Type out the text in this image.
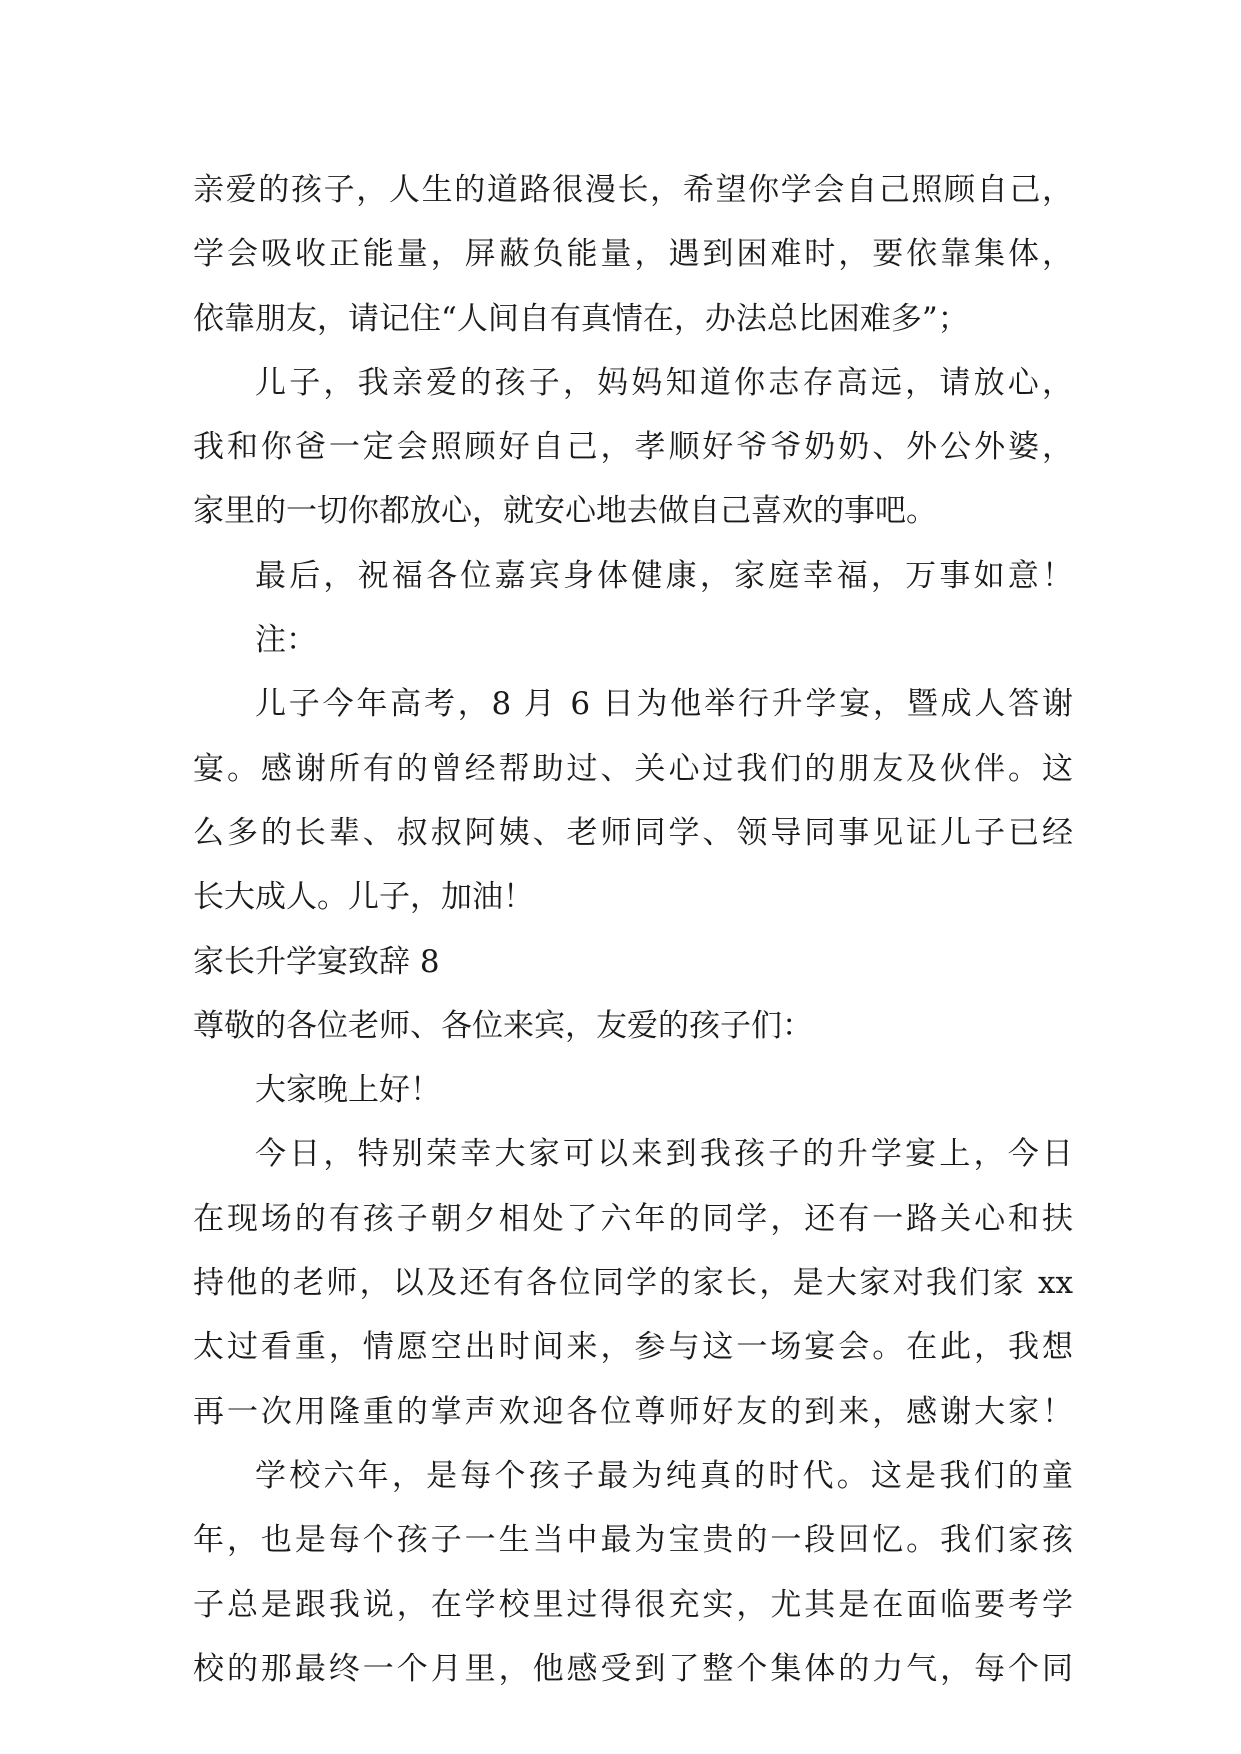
亲爱的孩子，人生的道路很漫长，希望你学会自己照顾自己，
学会吸收正能量，屏蔽负能量，遇到困难时，要依靠集体，
依靠朋友，请记住“人间自有真情在，办法总比困难多”；
儿子，我亲爱的孩子，妈妈知道你志存高远，请放心，
我和你爸一定会照顾好自己，孝顺好爷爷奶奶、外公外婆，
家里的一切你都放心，就安心地去做自己喜欢的事吧。
最后，祝福各位嘉宾身体健康，家庭幸福，万事如意！
注：
儿子今年高考，8 月 6 日为他举行升学宴，暨成人答谢
宴。感谢所有的曾经帮助过、关心过我们的朋友及伙伴。这
么多的长辈、叔叔阿姨、老师同学、领导同事见证儿子已经
长大成人。儿子，加油！
家长升学宴致辞 8
尊敬的各位老师、各位来宾，友爱的孩子们：
大家晚上好！
今日，特别荣幸大家可以来到我孩子的升学宴上，今日
在现场的有孩子朝夕相处了六年的同学，还有一路关心和扶
持他的老师，以及还有各位同学的家长，是大家对我们家 xx
太过看重，情愿空出时间来，参与这一场宴会。在此，我想
再一次用隆重的掌声欢迎各位尊师好友的到来，感谢大家！
学校六年，是每个孩子最为纯真的时代。这是我们的童
年，也是每个孩子一生当中最为宝贵的一段回忆。我们家孩
子总是跟我说，在学校里过得很充实，尤其是在面临要考学
校的那最终一个月里，他感受到了整个集体的力气，每个同
